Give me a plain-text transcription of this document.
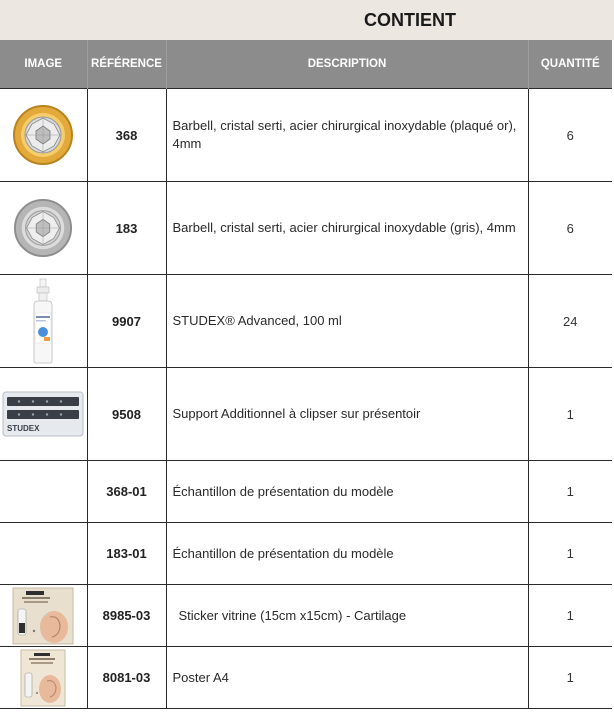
CONTIENT
IMAGE	RÉFÉRENCE	DESCRIPTION	QUANTITÉ
	368	Barbell, cristal serti, acier chirurgical inoxydable (plaqué or), 4mm	6
	183	Barbell, cristal serti, acier chirurgical inoxydable (gris), 4mm	6
	9907	STUDEX® Advanced, 100 ml	24

STUDEX	9508	Support Additionnel à clipser sur présentoir	1
	368-01	Échantillon de présentation du modèle	1
	183-01	Échantillon de présentation du modèle	1
	8985-03	Sticker vitrine (15cm x15cm) - Cartilage	1
	8081-03	Poster A4	1
